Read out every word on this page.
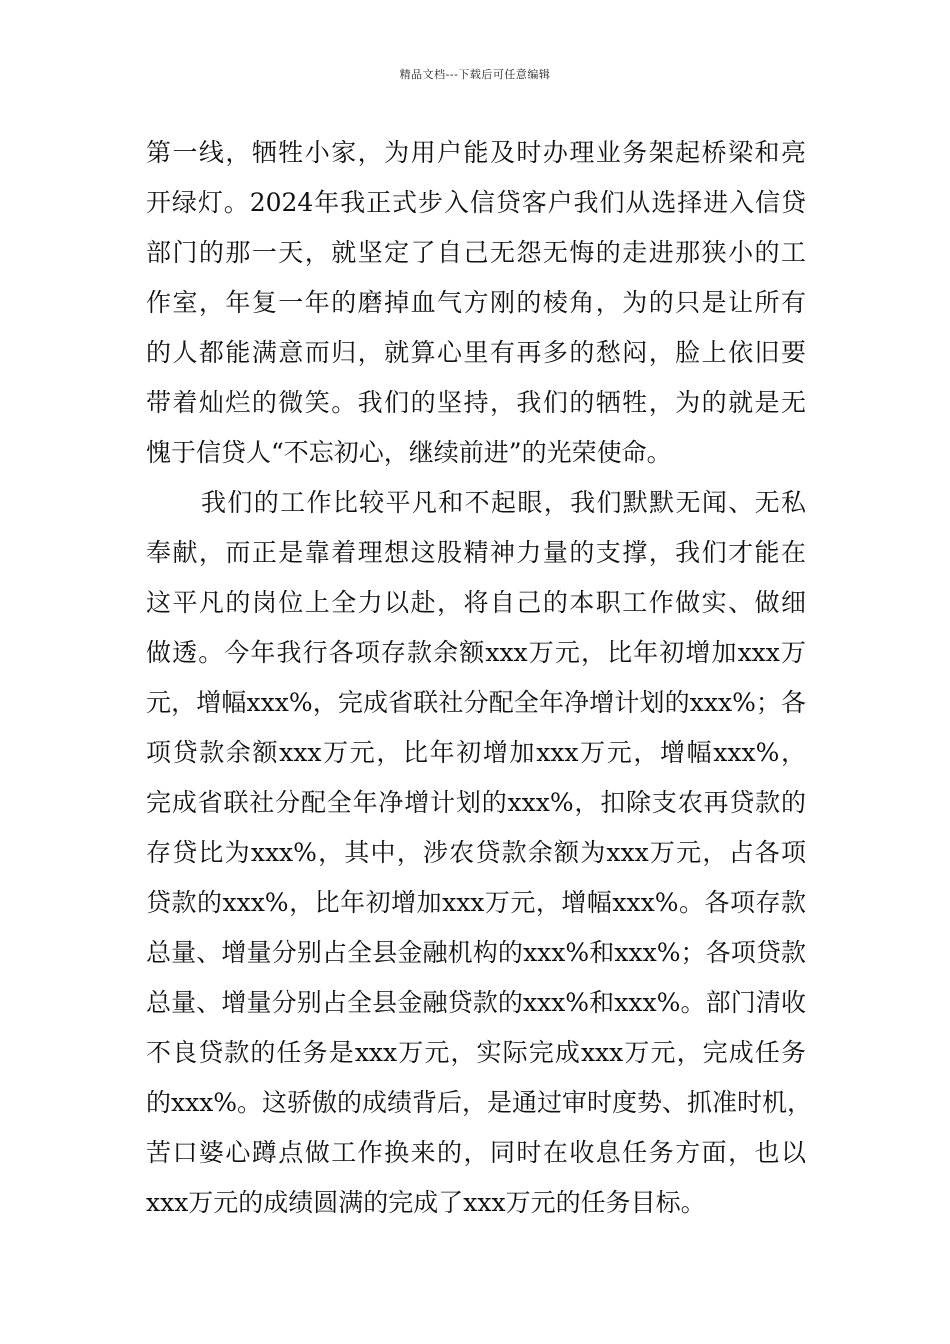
精品文档---下载后可任意编辑
第一线，牺牲小家，为用户能及时办理业务架起桥梁和亮
开绿灯。2024年我正式步入信贷客户我们从选择进入信贷
部门的那一天，就坚定了自己无怨无悔的走进那狭小的工
作室，年复一年的磨掉血气方刚的棱角，为的只是让所有
的人都能满意而归，就算心里有再多的愁闷，脸上依旧要
带着灿烂的微笑。我们的坚持，我们的牺牲，为的就是无
愧于信贷人“不忘初心，继续前进”的光荣使命。
我们的工作比较平凡和不起眼，我们默默无闻、无私
奉献，而正是靠着理想这股精神力量的支撑，我们才能在
这平凡的岗位上全力以赴，将自己的本职工作做实、做细
做透。今年我行各项存款余额xxx万元，比年初增加xxx万
元，增幅xxx%，完成省联社分配全年净增计划的xxx%；各
项贷款余额xxx万元，比年初增加xxx万元，增幅xxx%，
完成省联社分配全年净增计划的xxx%，扣除支农再贷款的
存贷比为xxx%，其中，涉农贷款余额为xxx万元，占各项
贷款的xxx%，比年初增加xxx万元，增幅xxx%。各项存款
总量、增量分别占全县金融机构的xxx%和xxx%；各项贷款
总量、增量分别占全县金融贷款的xxx%和xxx%。部门清收
不良贷款的任务是xxx万元，实际完成xxx万元，完成任务
的xxx%。这骄傲的成绩背后，是通过审时度势、抓准时机，
苦口婆心蹲点做工作换来的，同时在收息任务方面，也以
xxx万元的成绩圆满的完成了xxx万元的任务目标。
